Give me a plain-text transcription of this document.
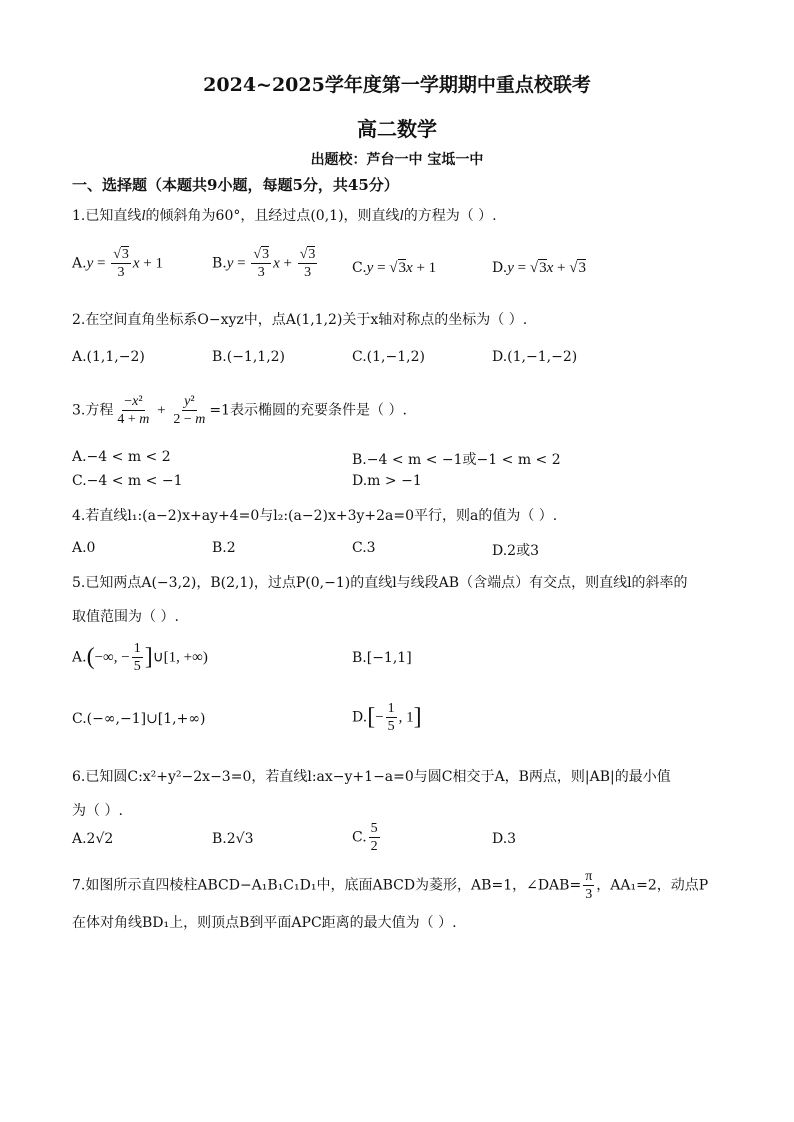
2024~2025学年度第一学期期中重点校联考
高二数学
出题校：芦台一中 宝坻一中
一、选择题（本题共9小题，每题5分，共45分）
1.已知直线l的倾斜角为60°，且经过点(0,1)，则直线l的方程为（ ）.
$A.y = \frac{√3}{3}$ x + 1	$B.y = \frac{√3}{3}$ $x + \frac{√3}{3} C.y = √3x + 1$	D.y = √3x + √3
2.在空间直角坐标系O−xyz中，点A(1,1,2)关于x轴对称点的坐标为（ ）.
A.(1,1,−2)	B.(−1,1,2)	C.(1,−1,2)	D.(1,−1,−2)
3.方程 $\frac{\text{−x²}}{4 + m} + \frac{\text{y²}}{2 - m} =1$表示椭圆的充要条件是（ ）.
A.−4 < m < 2	B.−4 < m < −1或−1 < m < 2
C.−4 < m < −1	D.m > −1
4.若直线l₁:(a−2)x+ay+4=0与l₂:(a−2)x+3y+2a=0平行，则a的值为（ ）.
A.0	B.2	C.3	D.2或3
5.已知两点A(−3,2)，B(2,1)，过点P(0,−1)的直线l与线段AB（含端点）有交点，则直线l的斜率的
取值范围为（ ）.
A.(−∞, − $\frac{1}{5}$ ]∪[1, +∞)	B.[−1,1]
C.(−∞,−1]∪[1,+∞)	$D.[- \frac{1}{5}$ , 1]
6.已知圆C:x²+y²−2x−3=0，若直线l:ax−y+1−a=0与圆C相交于A，B两点，则|AB|的最小值
为（ ）.
A.2√2	B.2√3	C. $\frac{5}{2}$	D.3
7.如图所示直四棱柱ABCD−A₁B₁C₁D₁中，底面ABCD为菱形，AB=1，∠DAB= $\frac{\pi}{3}$ ，AA₁=2，动点P
在体对角线BD₁上，则顶点B到平面APC距离的最大值为（ ）.
